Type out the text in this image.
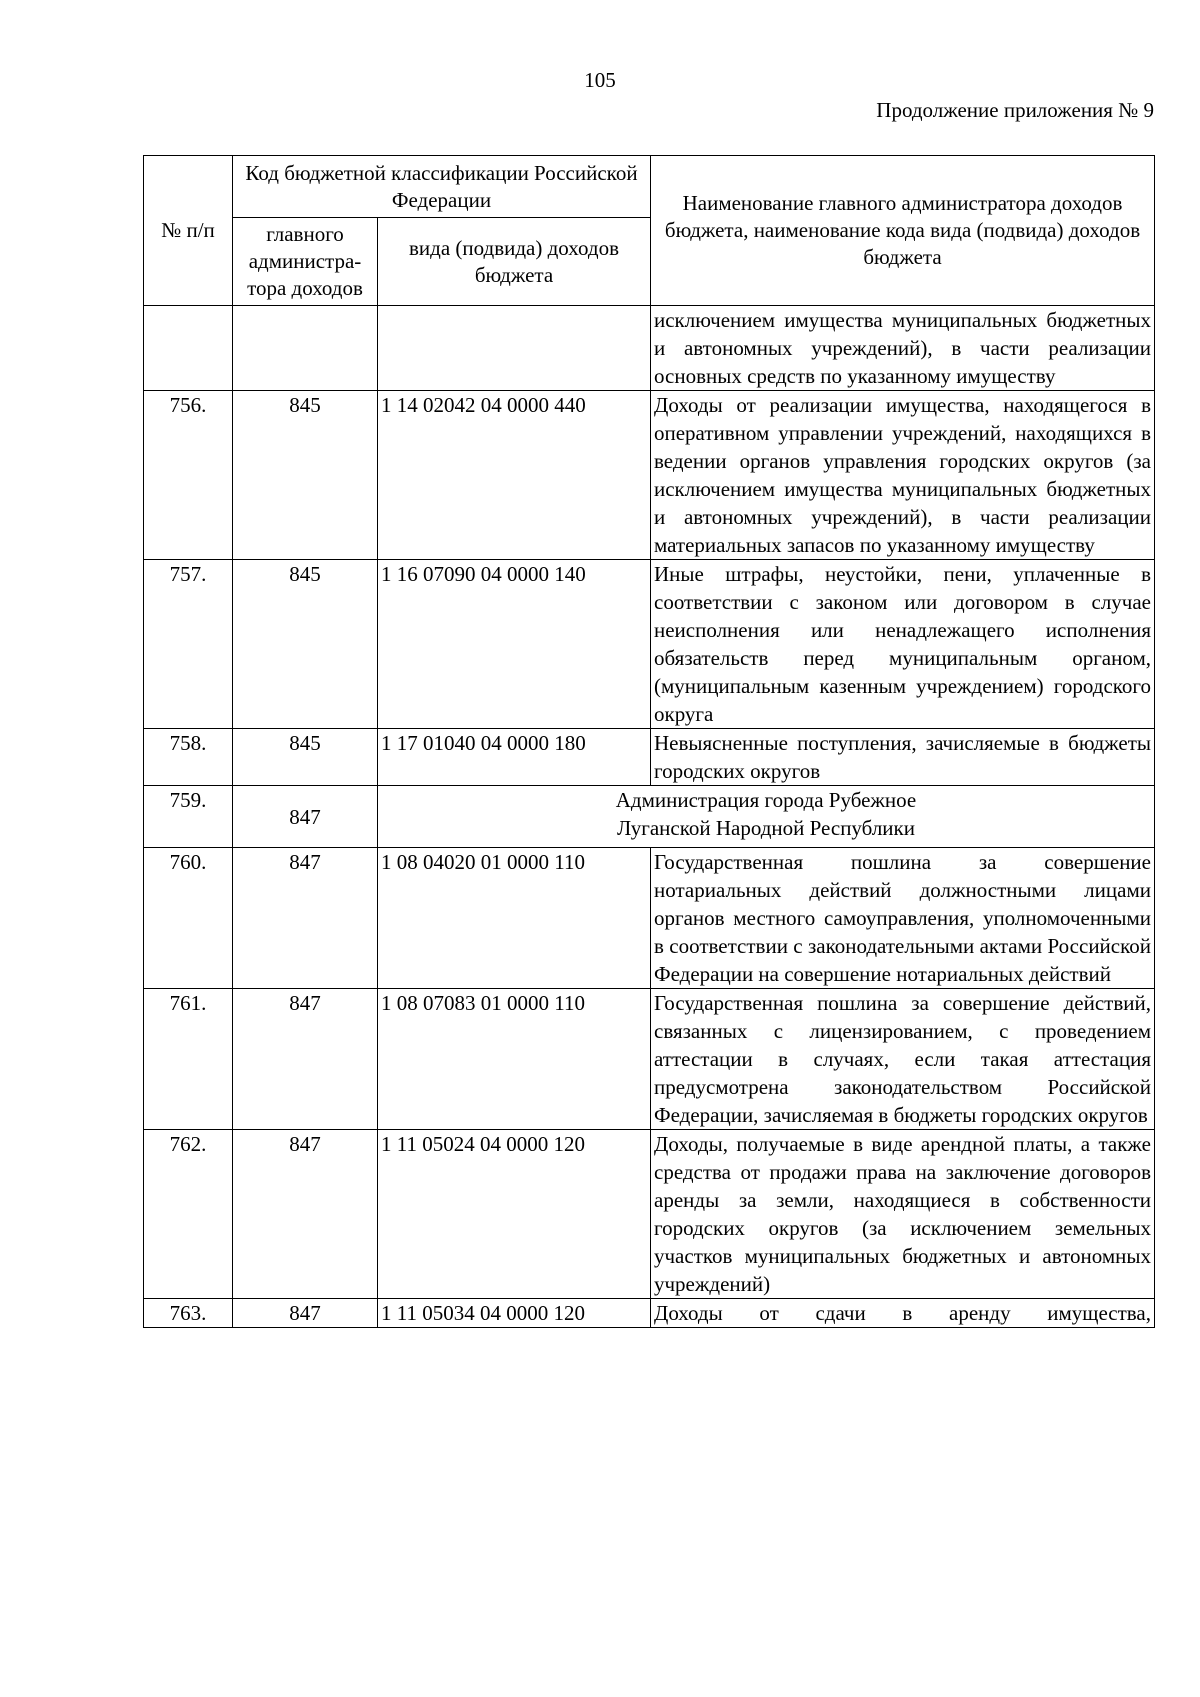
105
Продолжение приложения № 9
№ п/п	Код бюджетной классификации Российской Федерации		Наименование главного администратора доходов бюджета, наименование кода вида (подвида) доходов бюджета
	главного администра-тора доходов	вида (подвида) доходов бюджета	
			исключением имущества муниципальных бюджетных и автономных учреждений), в части реализации основных средств по указанному имуществу
756.	845	1 14 02042 04 0000 440	Доходы от реализации имущества, находящегося в оперативном управлении учреждений, находящихся в ведении органов управления городских округов (за исключением имущества муниципальных бюджетных и автономных учреждений), в части реализации материальных запасов по указанному имуществу
757.	845	1 16 07090 04 0000 140	Иные штрафы, неустойки, пени, уплаченные в соответствии с законом или договором в случае неисполнения или ненадлежащего исполнения обязательств перед муниципальным органом, (муниципальным казенным учреждением) городского округа
758.	845	1 17 01040 04 0000 180	Невыясненные поступления, зачисляемые в бюджеты городских округов
759.	847	Администрация города Рубежное
Луганской Народной Республики	

760.	847	1 08 04020 01 0000 110	Государственная пошлина за совершение нотариальных действий должностными лицами органов местного самоуправления, уполномоченными в соответствии с законодательными актами Российской Федерации на совершение нотариальных действий
761.	847	1 08 07083 01 0000 110	Государственная пошлина за совершение действий, связанных с лицензированием, с проведением аттестации в случаях, если такая аттестация предусмотрена законодательством Российской Федерации, зачисляемая в бюджеты городских округов
762.	847	1 11 05024 04 0000 120	Доходы, получаемые в виде арендной платы, а также средства от продажи права на заключение договоров аренды за земли, находящиеся в собственности городских округов (за исключением земельных участков муниципальных бюджетных и автономных учреждений)
763.	847	1 11 05034 04 0000 120	Доходы от сдачи в аренду имущества,
